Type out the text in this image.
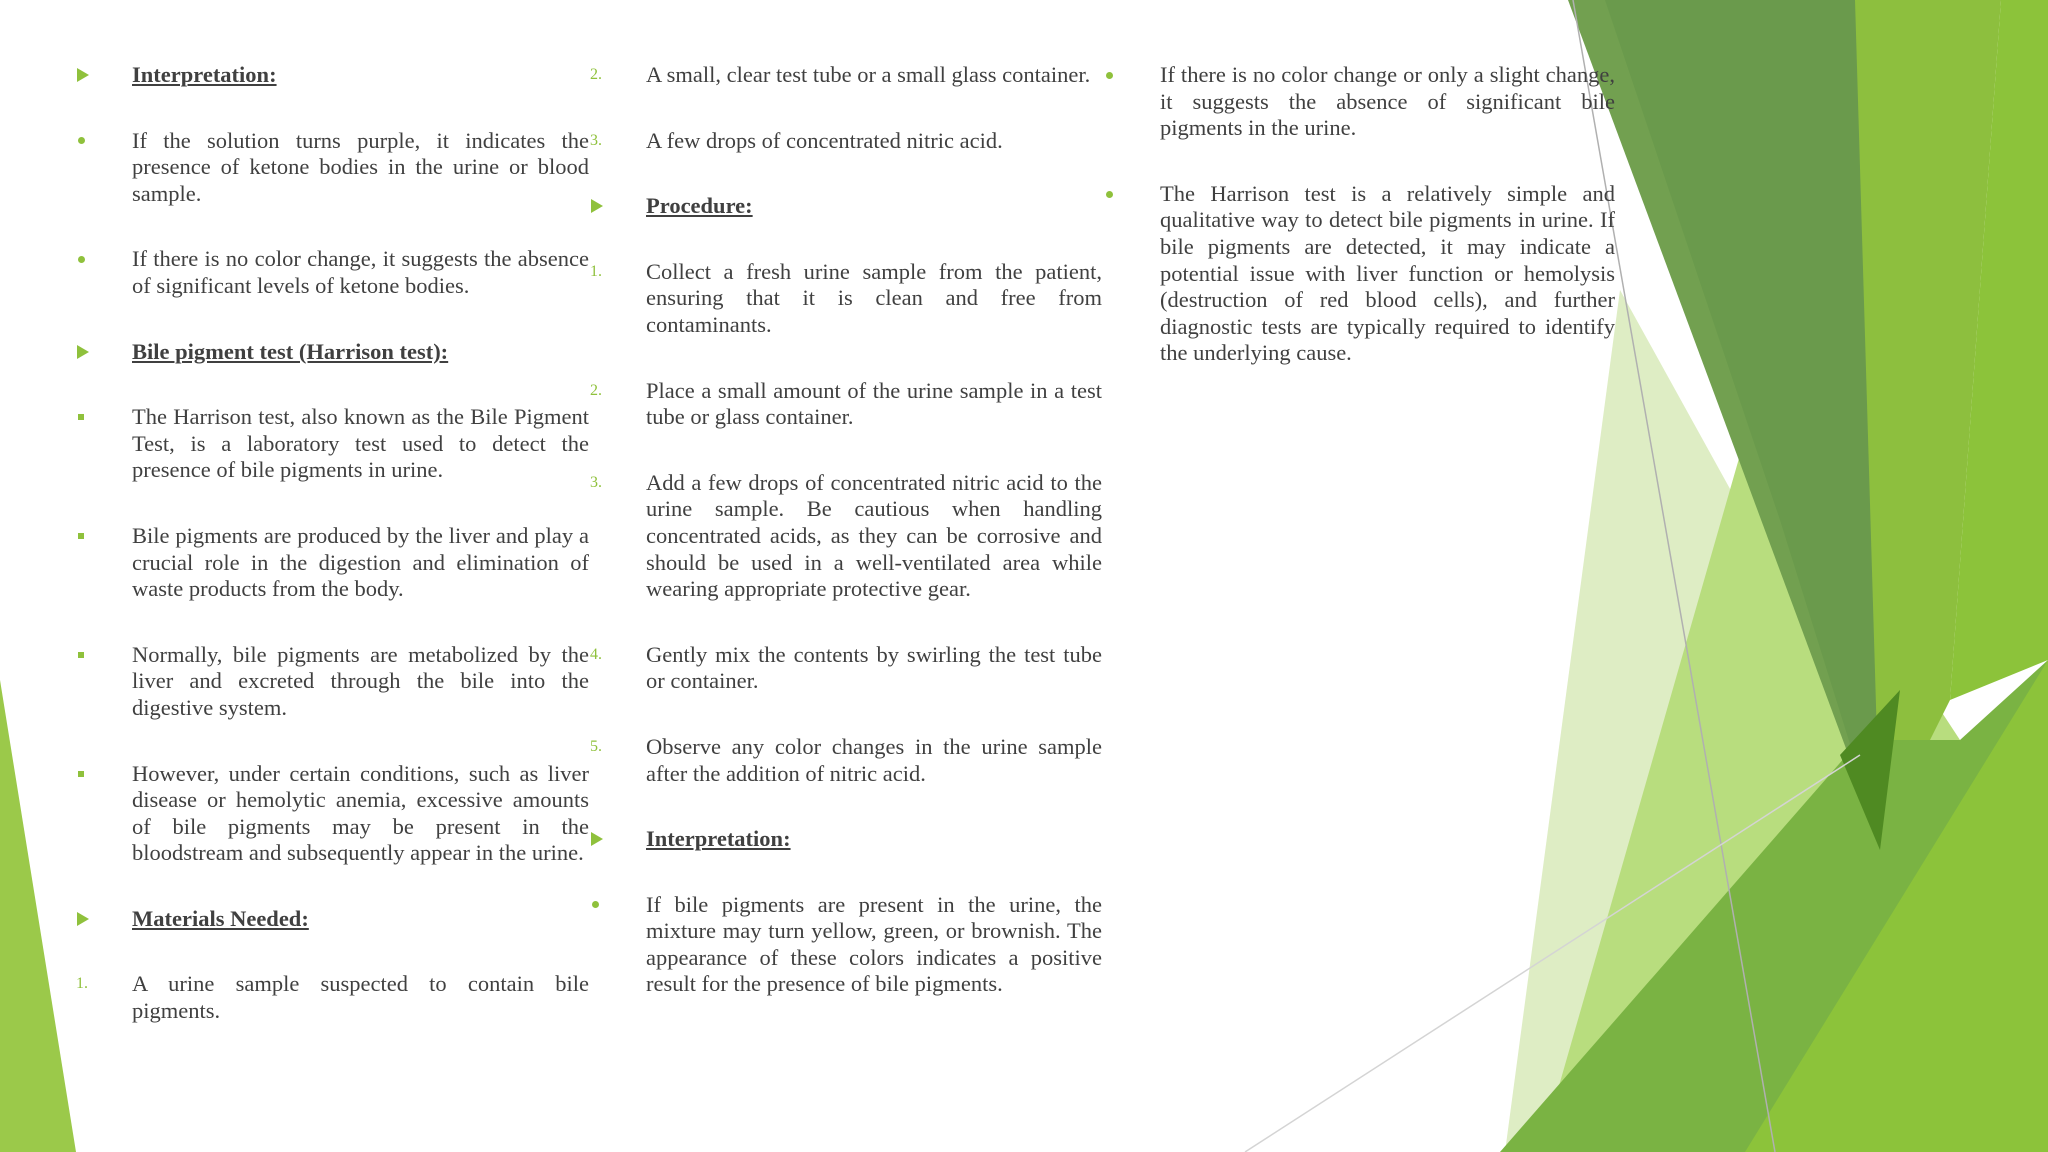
Interpretation:
If the solution turns purple, it indicates the presence of ketone bodies in the urine or blood sample.
If there is no color change, it suggests the absence of significant levels of ketone bodies.
Bile pigment test (Harrison test):
The Harrison test, also known as the Bile Pigment Test, is a laboratory test used to detect the presence of bile pigments in urine.
Bile pigments are produced by the liver and play a crucial role in the digestion and elimination of waste products from the body.
Normally, bile pigments are metabolized by the liver and excreted through the bile into the digestive system.
However, under certain conditions, such as liver disease or hemolytic anemia, excessive amounts of bile pigments may be present in the bloodstream and subsequently appear in the urine.
Materials Needed:
1.	A urine sample suspected to contain bile pigments.
2.	A small, clear test tube or a small glass container.
3.	A few drops of concentrated nitric acid.
Procedure:
1.	Collect a fresh urine sample from the patient, ensuring that it is clean and free from contaminants.
2.	Place a small amount of the urine sample in a test tube or glass container.
3.	Add a few drops of concentrated nitric acid to the urine sample. Be cautious when handling concentrated acids, as they can be corrosive and should be used in a well-ventilated area while wearing appropriate protective gear.
4.	Gently mix the contents by swirling the test tube or container.
5.	Observe any color changes in the urine sample after the addition of nitric acid.
Interpretation:
If bile pigments are present in the urine, the mixture may turn yellow, green, or brownish. The appearance of these colors indicates a positive result for the presence of bile pigments.
If there is no color change or only a slight change, it suggests the absence of significant bile pigments in the urine.
The Harrison test is a relatively simple and qualitative way to detect bile pigments in urine. If bile pigments are detected, it may indicate a potential issue with liver function or hemolysis (destruction of red blood cells), and further diagnostic tests are typically required to identify the underlying cause.
